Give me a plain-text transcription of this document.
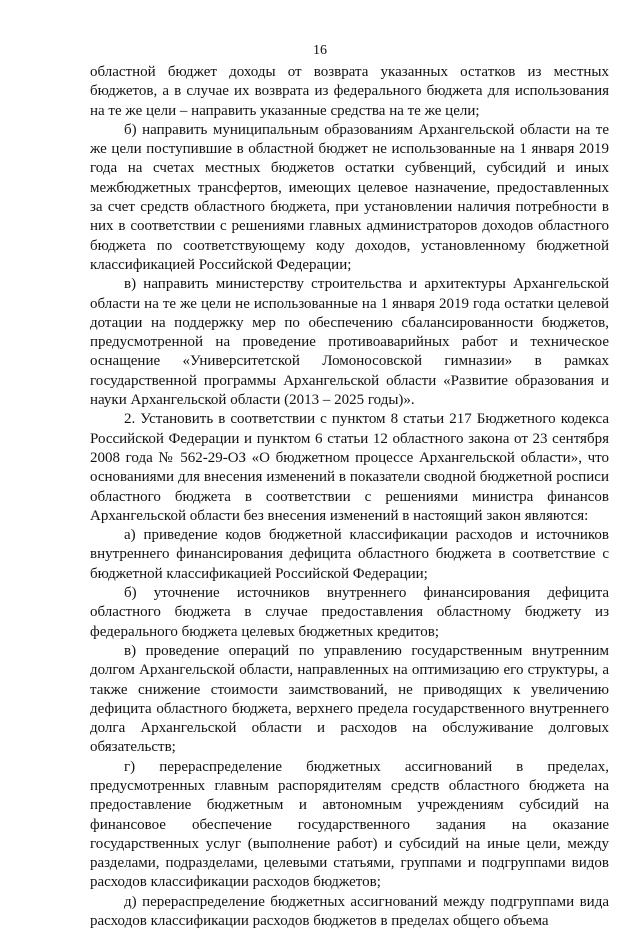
16

областной бюджет доходы от возврата указанных остатков из местных бюджетов, а в случае их возврата из федерального бюджета для использования на те же цели – направить указанные средства на те же цели;

б) направить муниципальным образованиям Архангельской области на те же цели поступившие в областной бюджет не использованные на 1 января 2019 года на счетах местных бюджетов остатки субвенций, субсидий и иных межбюджетных трансфертов, имеющих целевое назначение, предоставленных за счет средств областного бюджета, при установлении наличия потребности в них в соответствии с решениями главных администраторов доходов областного бюджета по соответствующему коду доходов, установленному бюджетной классификацией Российской Федерации;

в) направить министерству строительства и архитектуры Архангельской области на те же цели не использованные на 1 января 2019 года остатки целевой дотации на поддержку мер по обеспечению сбалансированности бюджетов, предусмотренной на проведение противоаварийных работ и техническое оснащение «Университетской Ломоносовской гимназии» в рамках государственной программы Архангельской области «Развитие образования и науки Архангельской области (2013 – 2025 годы)».

2. Установить в соответствии с пунктом 8 статьи 217 Бюджетного кодекса Российской Федерации и пунктом 6 статьи 12 областного закона от 23 сентября 2008 года № 562-29-ОЗ «О бюджетном процессе Архангельской области», что основаниями для внесения изменений в показатели сводной бюджетной росписи областного бюджета в соответствии с решениями министра финансов Архангельской области без внесения изменений в настоящий закон являются:

а) приведение кодов бюджетной классификации расходов и источников внутреннего финансирования дефицита областного бюджета в соответствие с бюджетной классификацией Российской Федерации;

б) уточнение источников внутреннего финансирования дефицита областного бюджета в случае предоставления областному бюджету из федерального бюджета целевых бюджетных кредитов;

в) проведение операций по управлению государственным внутренним долгом Архангельской области, направленных на оптимизацию его структуры, а также снижение стоимости заимствований, не приводящих к увеличению дефицита областного бюджета, верхнего предела государственного внутреннего долга Архангельской области и расходов на обслуживание долговых обязательств;

г) перераспределение бюджетных ассигнований в пределах, предусмотренных главным распорядителям средств областного бюджета на предоставление бюджетным и автономным учреждениям субсидий на финансовое обеспечение государственного задания на оказание государственных услуг (выполнение работ) и субсидий на иные цели, между разделами, подразделами, целевыми статьями, группами и подгруппами видов расходов классификации расходов бюджетов;

д) перераспределение бюджетных ассигнований между подгруппами вида расходов классификации расходов бюджетов в пределах общего объема
